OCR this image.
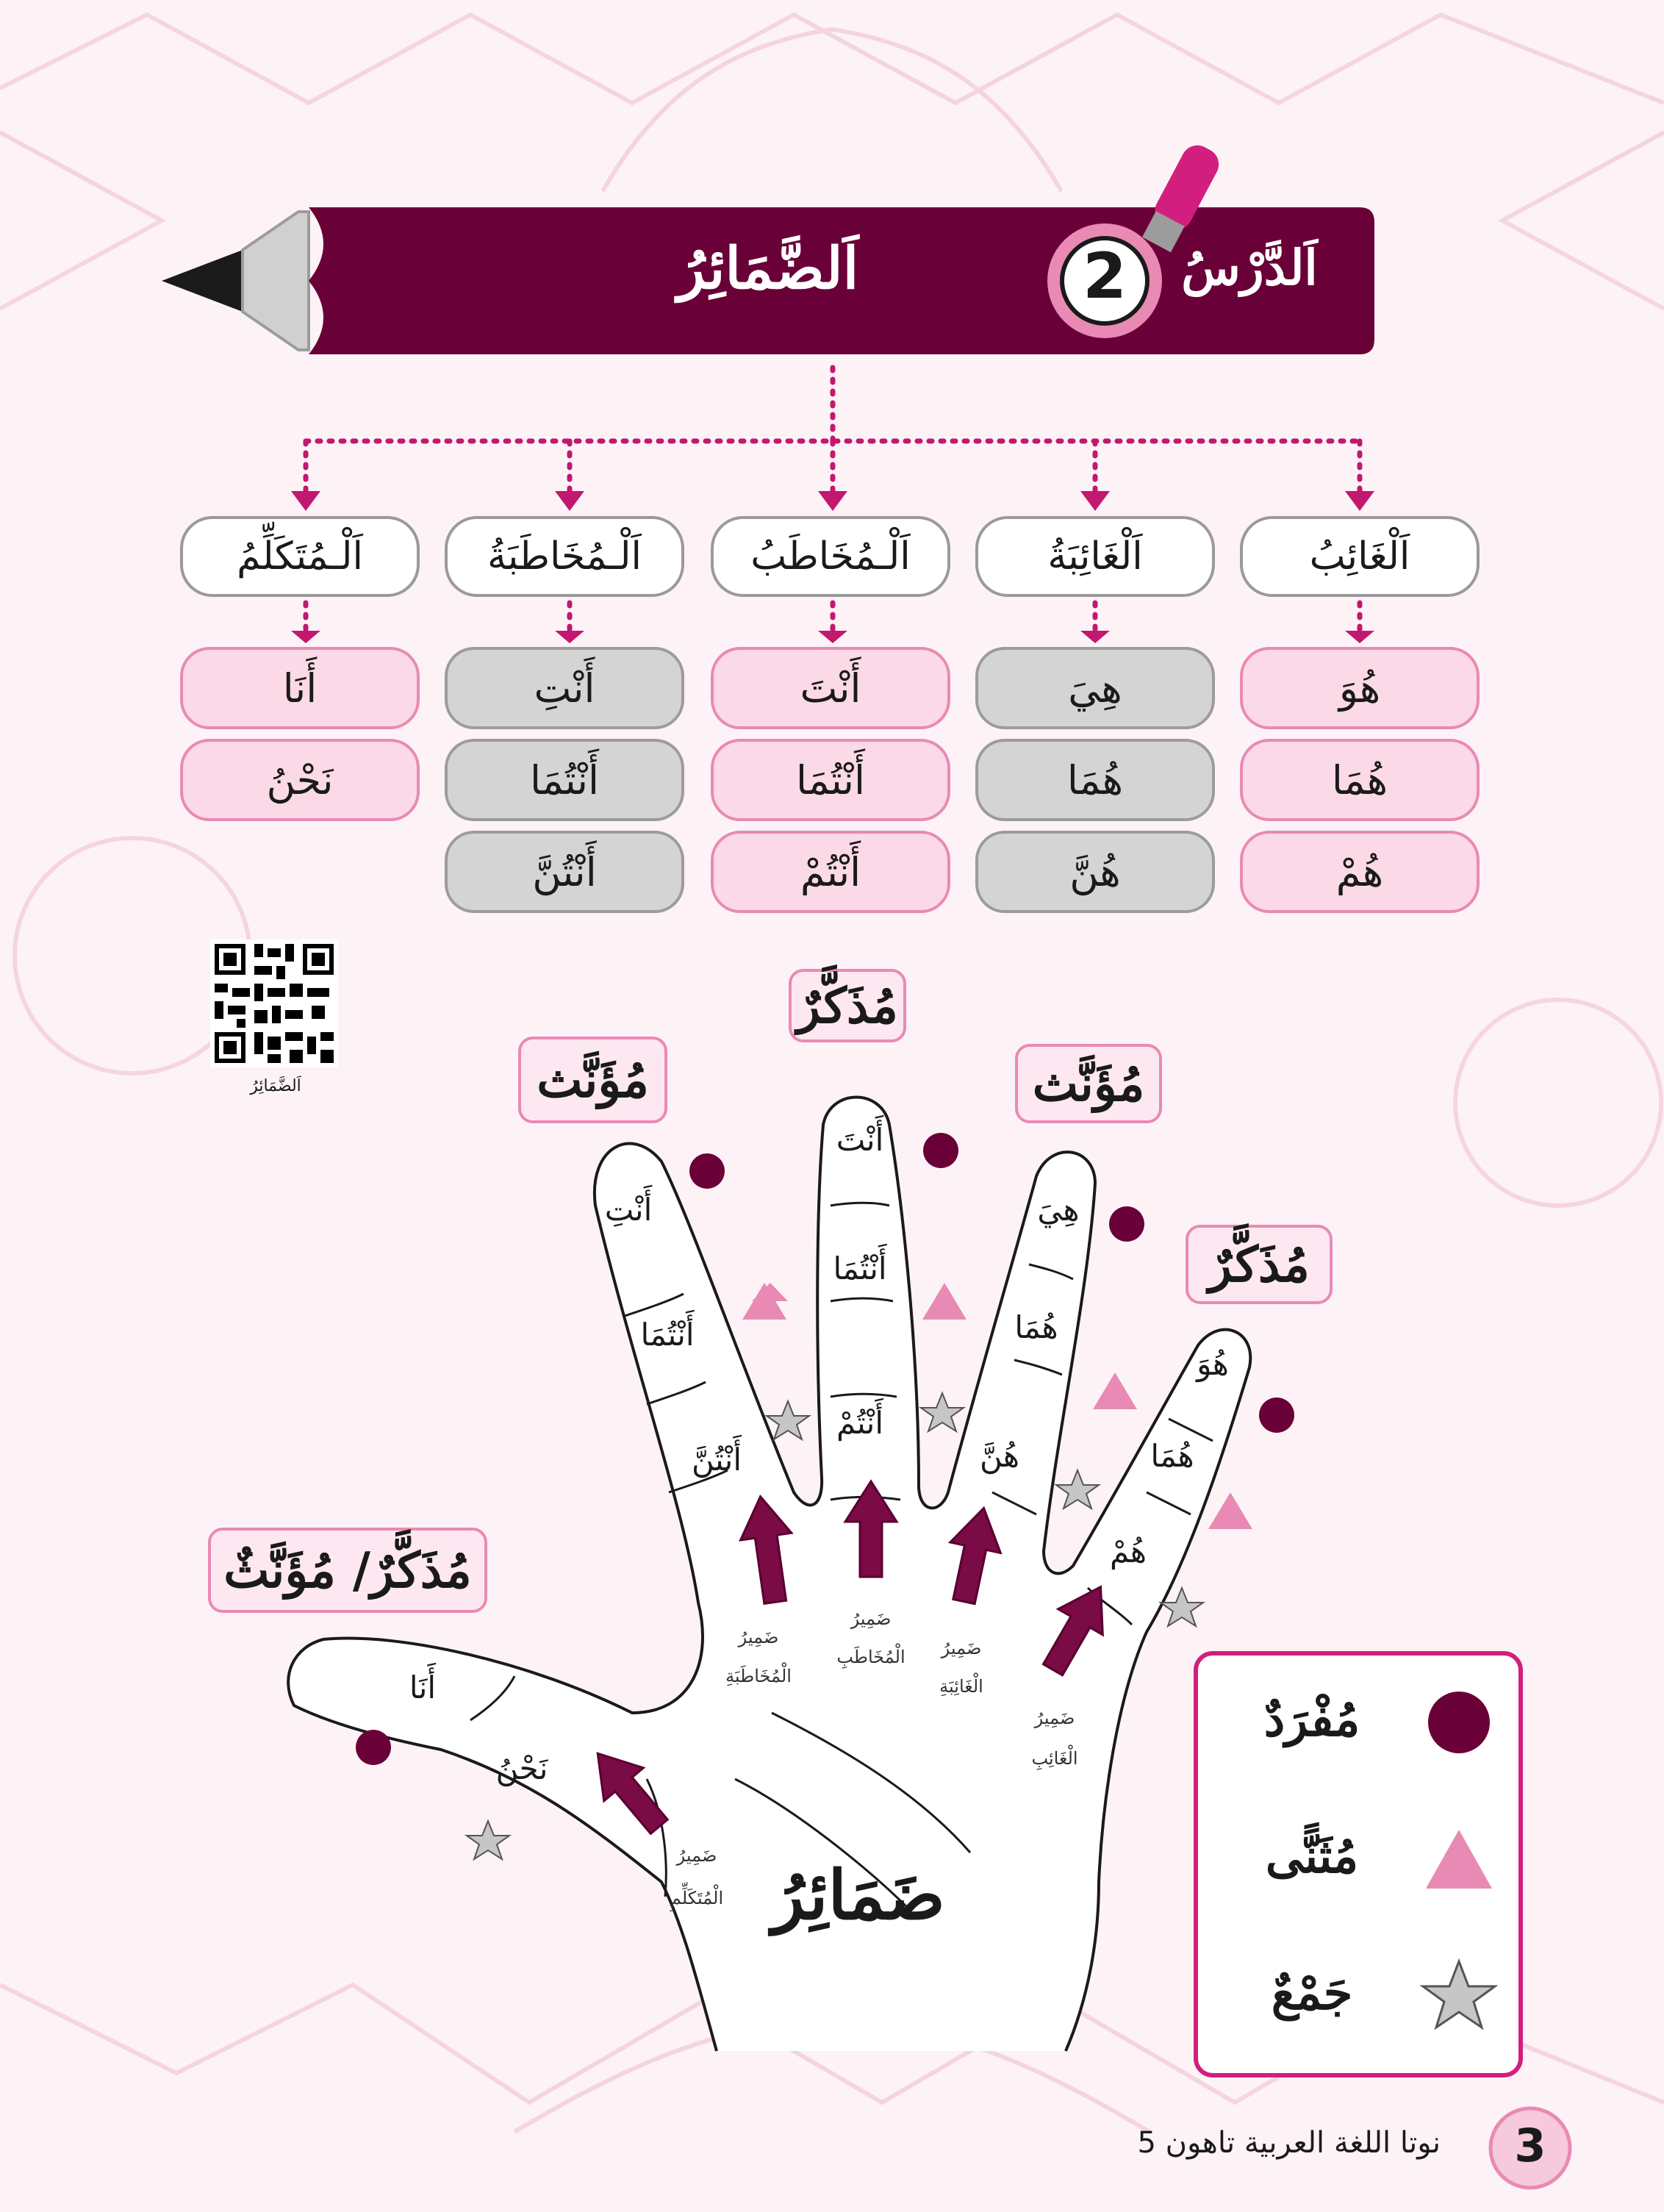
2	اَلدَّرْسُ
اَلضَّمَائِرُ
اَلْغَائِبُ
اَلْغَائِبَةُ
اَلْـمُخَاطَبُ
اَلْـمُخَاطَبَةُ
اَلْـمُتَكَلِّمُ
هُوَ
هُمَا
هُمْ
هِيَ
هُمَا
هُنَّ
أَنْتَ
أَنْتُمَا
أَنْتُمْ
أَنْتِ
أَنْتُمَا
أَنْتُنَّ
أَنَا
نَحْنُ
اَلضَّمَائِرُ
أَنْتِ
أَنْتُمَا
أَنْتُنَّ
أَنْتَ
أَنْتُمَا
أَنْتُمْ
هِيَ
هُمَا
هُنَّ
هُوَ
هُمَا
هُمْ
أَنَا
نَحْنُ
ضَمِيرُ
الْمُخَاطَبَةِ
ضَمِيرُ
الْمُخَاطَبِ ضَمِيرُ
الْغَائِبَةِ
ضَمِيرُ
الْغَائِبِ
ضَمِيرُ
الْمُتَكَلِّمِ ضَمَائِرُ
مُذَكَّرٌ
مُؤَنَّث	مُؤَنَّث
مُذَكَّرٌ
مُذَكَّرٌ/ مُؤَنَّثٌ
مُفْرَدٌ
مُثَنًّى
جَمْعٌ
3
نوتا اللغة العربية تاهون 5
